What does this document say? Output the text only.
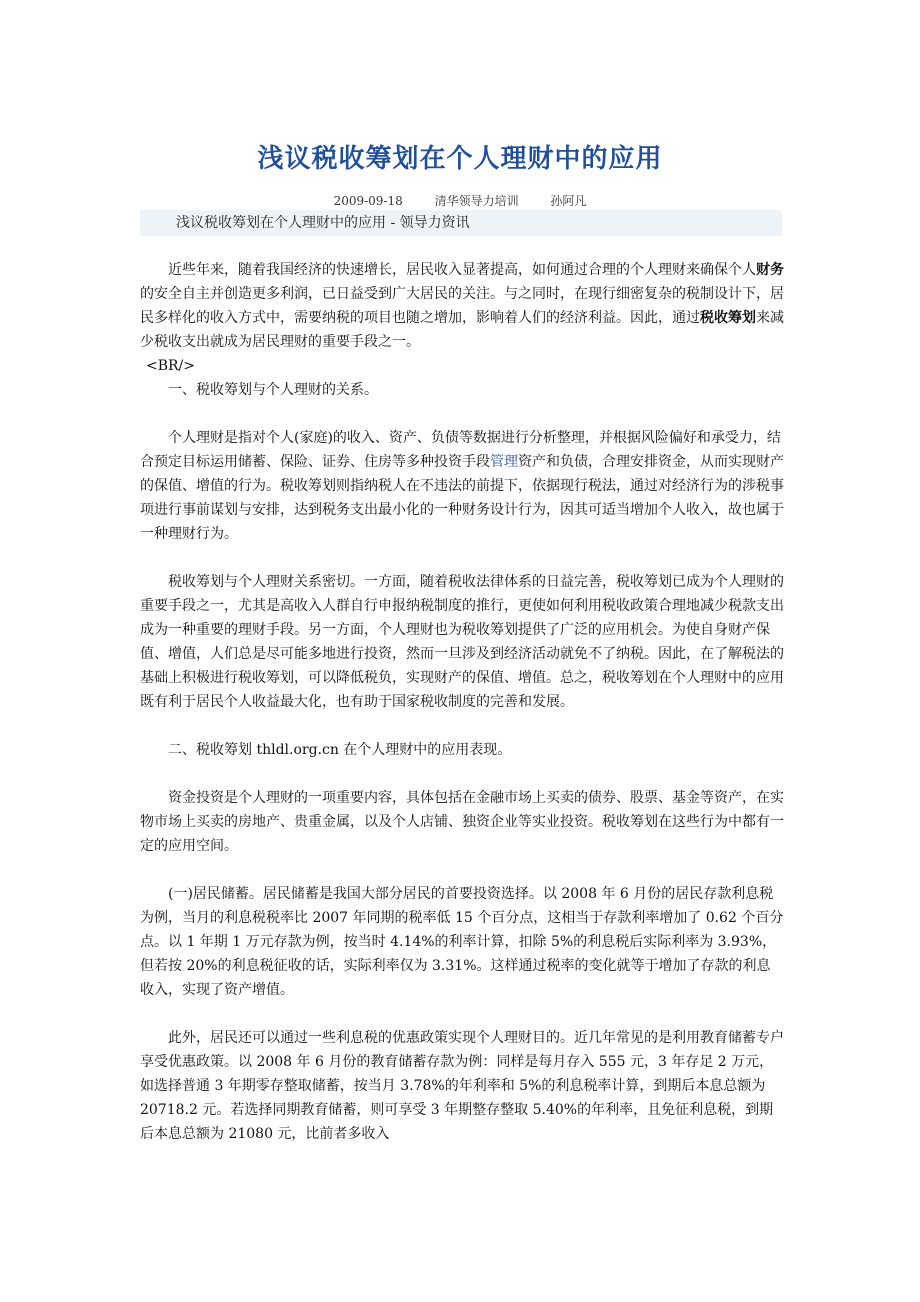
浅议税收筹划在个人理财中的应用
2009-09-18	清华领导力培训	孙阿凡
浅议税收筹划在个人理财中的应用 - 领导力资讯

近些年来，随着我国经济的快速增长，居民收入显著提高，如何通过合理的个人理财来确保个人财务的安全自主并创造更多利润，已日益受到广大居民的关注。与之同时，在现行细密复杂的税制设计下，居民多样化的收入方式中，需要纳税的项目也随之增加，影响着人们的经济利益。因此，通过税收筹划来减少税收支出就成为居民理财的重要手段之一。

<BR/>

一、税收筹划与个人理财的关系。

个人理财是指对个人(家庭)的收入、资产、负债等数据进行分析整理，并根据风险偏好和承受力，结合预定目标运用储蓄、保险、证券、住房等多种投资手段管理资产和负债，合理安排资金，从而实现财产的保值、增值的行为。税收筹划则指纳税人在不违法的前提下，依据现行税法，通过对经济行为的涉税事项进行事前谋划与安排，达到税务支出最小化的一种财务设计行为，因其可适当增加个人收入，故也属于一种理财行为。

税收筹划与个人理财关系密切。一方面，随着税收法律体系的日益完善，税收筹划已成为个人理财的重要手段之一，尤其是高收入人群自行申报纳税制度的推行，更使如何利用税收政策合理地减少税款支出成为一种重要的理财手段。另一方面，个人理财也为税收筹划提供了广泛的应用机会。为使自身财产保值、增值，人们总是尽可能多地进行投资，然而一旦涉及到经济活动就免不了纳税。因此，在了解税法的基础上积极进行税收筹划，可以降低税负，实现财产的保值、增值。总之，税收筹划在个人理财中的应用既有利于居民个人收益最大化，也有助于国家税收制度的完善和发展。

二、税收筹划 thldl.org.cn 在个人理财中的应用表现。

资金投资是个人理财的一项重要内容，具体包括在金融市场上买卖的债券、股票、基金等资产，在实物市场上买卖的房地产、贵重金属，以及个人店铺、独资企业等实业投资。税收筹划在这些行为中都有一定的应用空间。

(一)居民储蓄。居民储蓄是我国大部分居民的首要投资选择。以 2008 年 6 月份的居民存款利息税为例，当月的利息税税率比 2007 年同期的税率低 15 个百分点，这相当于存款利率增加了 0.62 个百分点。以 1 年期 1 万元存款为例，按当时 4.14%的利率计算，扣除 5%的利息税后实际利率为 3.93%，但若按 20%的利息税征收的话，实际利率仅为 3.31%。这样通过税率的变化就等于增加了存款的利息收入，实现了资产增值。

此外，居民还可以通过一些利息税的优惠政策实现个人理财目的。近几年常见的是利用教育储蓄专户享受优惠政策。以 2008 年 6 月份的教育储蓄存款为例：同样是每月存入 555 元，3 年存足 2 万元，如选择普通 3 年期零存整取储蓄，按当月 3.78%的年利率和 5%的利息税率计算，到期后本息总额为 20718.2 元。若选择同期教育储蓄，则可享受 3 年期整存整取 5.40%的年利率，且免征利息税，到期后本息总额为 21080 元，比前者多收入
